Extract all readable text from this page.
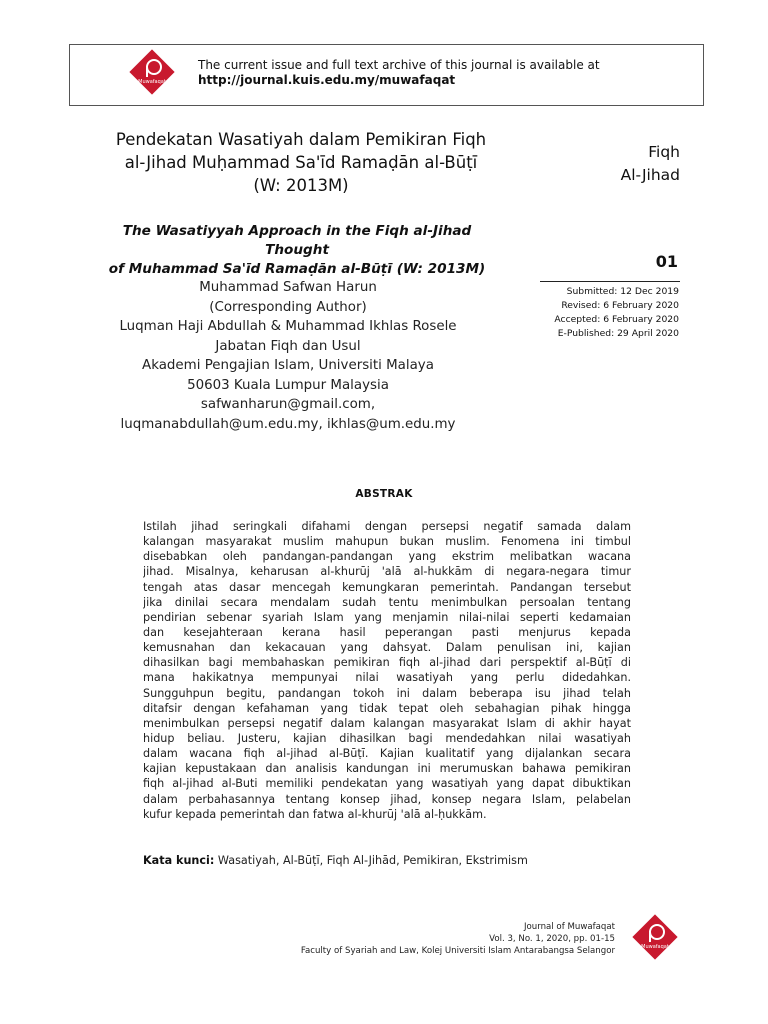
Muwafaqat
The current issue and full text archive of this journal is available at
http://journal.kuis.edu.my/muwafaqat
Pendekatan Wasatiyah dalam Pemikiran Fiqh
al-Jihad Muḥammad Sa'īd Ramaḍān al-Būṭī
(W: 2013M)
The Wasatiyyah Approach in the Fiqh al-Jihad Thought
of Muhammad Sa'īd Ramaḍān al-Būṭī (W: 2013M)
Fiqh
Al-Jihad
01
Submitted: 12 Dec 2019
Revised: 6 February 2020
Accepted: 6 February 2020
E-Published: 29 April 2020
Muhammad Safwan Harun
(Corresponding Author)
Luqman Haji Abdullah & Muhammad Ikhlas Rosele
Jabatan Fiqh dan Usul
Akademi Pengajian Islam, Universiti Malaya
50603 Kuala Lumpur Malaysia
safwanharun@gmail.com,
luqmanabdullah@um.edu.my, ikhlas@um.edu.my
ABSTRAK
Istilah jihad seringkali difahami dengan persepsi negatif samada dalam
kalangan masyarakat muslim mahupun bukan muslim. Fenomena ini timbul
disebabkan oleh pandangan-pandangan yang ekstrim melibatkan wacana
jihad. Misalnya, keharusan al-khurūj 'alā al-hukkām di negara-negara timur
tengah atas dasar mencegah kemungkaran pemerintah. Pandangan tersebut
jika dinilai secara mendalam sudah tentu menimbulkan persoalan tentang
pendirian sebenar syariah Islam yang menjamin nilai-nilai seperti kedamaian
dan kesejahteraan kerana hasil peperangan pasti menjurus kepada
kemusnahan dan kekacauan yang dahsyat. Dalam penulisan ini, kajian
dihasilkan bagi membahaskan pemikiran fiqh al-jihad dari perspektif al-Būṭī di
mana hakikatnya mempunyai nilai wasatiyah yang perlu didedahkan.
Sungguhpun begitu, pandangan tokoh ini dalam beberapa isu jihad telah
ditafsir dengan kefahaman yang tidak tepat oleh sebahagian pihak hingga
menimbulkan persepsi negatif dalam kalangan masyarakat Islam di akhir hayat
hidup beliau. Justeru, kajian dihasilkan bagi mendedahkan nilai wasatiyah
dalam wacana fiqh al-jihad al-Būṭī. Kajian kualitatif yang dijalankan secara
kajian kepustakaan dan analisis kandungan ini merumuskan bahawa pemikiran
fiqh al-jihad al-Buti memiliki pendekatan yang wasatiyah yang dapat dibuktikan
dalam perbahasannya tentang konsep jihad, konsep negara Islam, pelabelan
kufur kepada pemerintah dan fatwa al-khurūj 'alā al-ḥukkām.
Kata kunci: Wasatiyah, Al-Būṭī, Fiqh Al-Jihād, Pemikiran, Ekstrimism
Journal of Muwafaqat
Vol. 3, No. 1, 2020, pp. 01-15
Faculty of Syariah and Law, Kolej Universiti Islam Antarabangsa Selangor	Muwafaqat
